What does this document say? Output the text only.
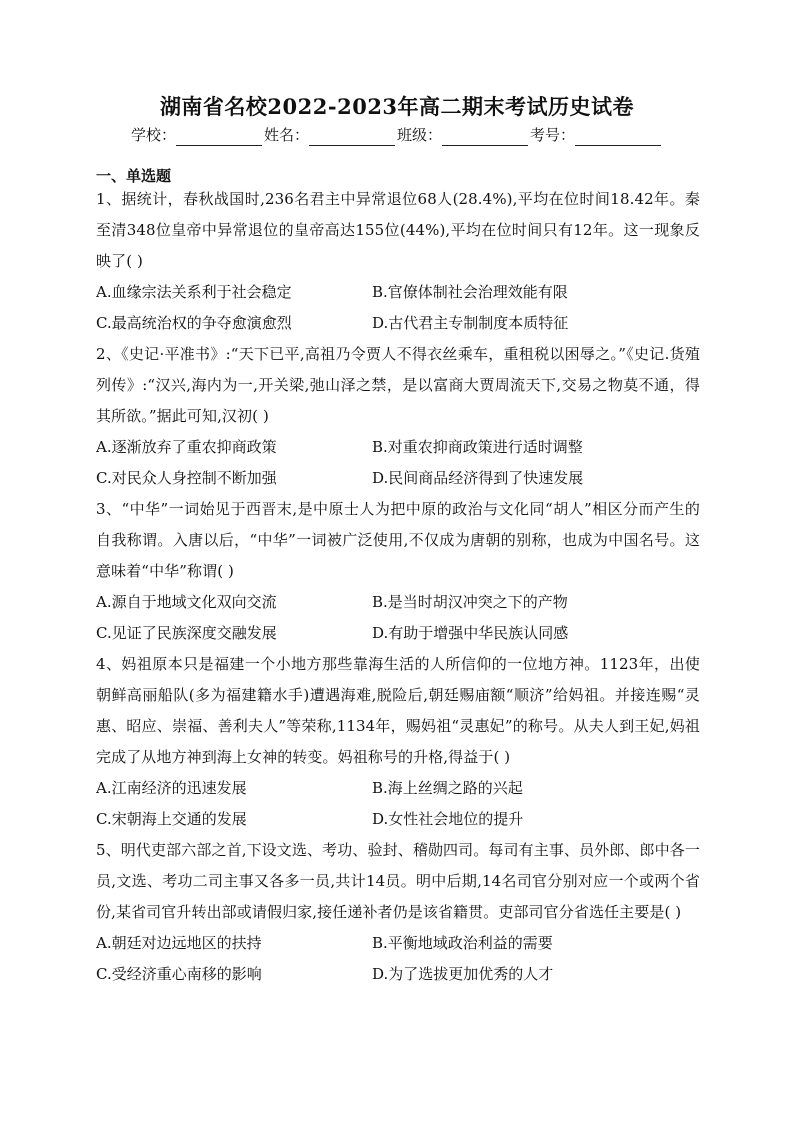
湖南省名校2022-2023年高二期末考试历史试卷
学校：	姓名：	班级：	考号：
一、单选题

1、据统计，春秋战国时,236名君主中异常退位68人(28.4%),平均在位时间18.42年。秦至清348位皇帝中异常退位的皇帝高达155位(44%),平均在位时间只有12年。这一现象反映了( )

A.血缘宗法关系利于社会稳定	B.官僚体制社会治理效能有限
C.最高统治权的争夺愈演愈烈	D.古代君主专制制度本质特征

2、《史记·平准书》:“天下已平,高祖乃令贾人不得衣丝乘车，重租税以困辱之。”《史记.货殖列传》:“汉兴,海内为一,开关梁,弛山泽之禁，是以富商大贾周流天下,交易之物莫不通，得其所欲。”据此可知,汉初( )

A.逐渐放弃了重农抑商政策	B.对重农抑商政策进行适时调整
C.对民众人身控制不断加强	D.民间商品经济得到了快速发展

3、“中华”一词始见于西晋末,是中原士人为把中原的政治与文化同“胡人”相区分而产生的自我称谓。入唐以后，“中华”一词被广泛使用,不仅成为唐朝的别称，也成为中国名号。这意味着“中华”称谓( )

A.源自于地域文化双向交流	B.是当时胡汉冲突之下的产物
C.见证了民族深度交融发展	D.有助于增强中华民族认同感

4、妈祖原本只是福建一个小地方那些靠海生活的人所信仰的一位地方神。1123年，出使朝鲜高丽船队(多为福建籍水手)遭遇海难,脱险后,朝廷赐庙额“顺济”给妈祖。并接连赐“灵惠、昭应、崇福、善利夫人”等荣称,1134年，赐妈祖“灵惠妃”的称号。从夫人到王妃,妈祖完成了从地方神到海上女神的转变。妈祖称号的升格,得益于( )

A.江南经济的迅速发展	B.海上丝绸之路的兴起
C.宋朝海上交通的发展	D.女性社会地位的提升

5、明代吏部六部之首,下设文选、考功、验封、稽勋四司。每司有主事、员外郎、郎中各一员,文选、考功二司主事又各多一员,共计14员。明中后期,14名司官分别对应一个或两个省份,某省司官升转出部或请假归家,接任递补者仍是该省籍贯。吏部司官分省选任主要是( )

A.朝廷对边远地区的扶持	B.平衡地域政治利益的需要
C.受经济重心南移的影响	D.为了选拔更加优秀的人才
